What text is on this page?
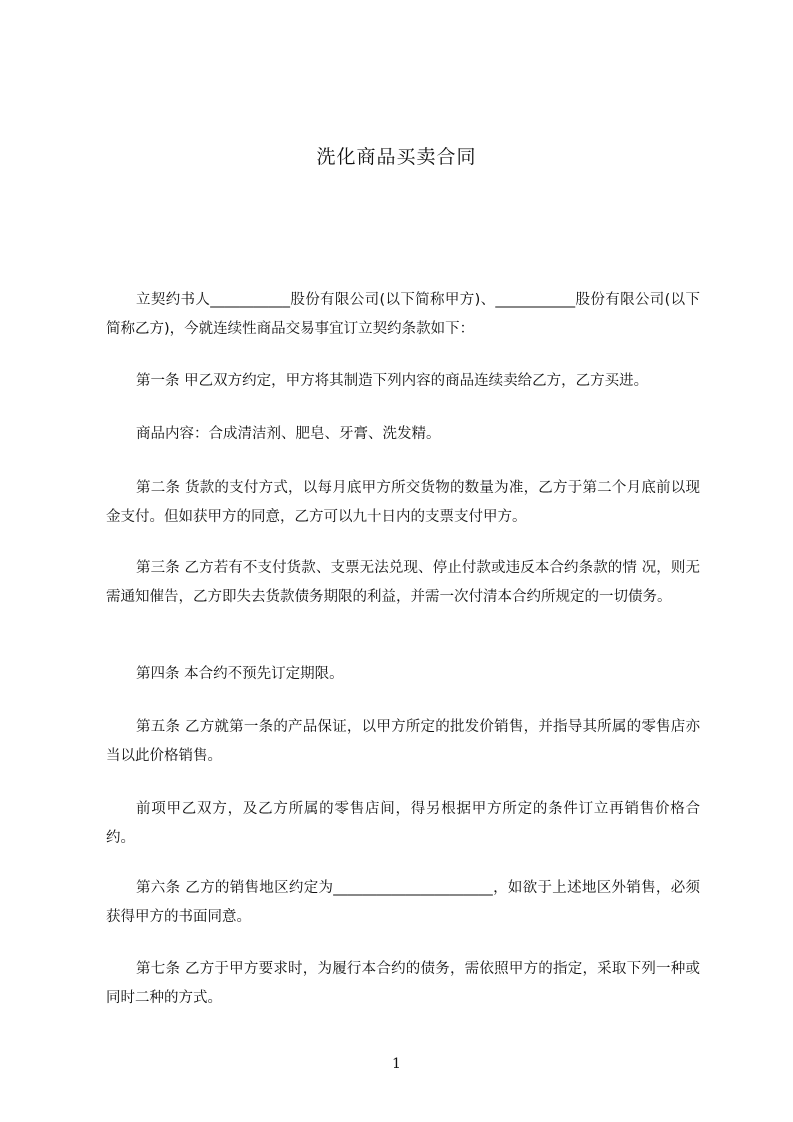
洗化商品买卖合同
立契约书人___________股份有限公司(以下简称甲方)、___________股份有限公司(以下简称乙方)，今就连续性商品交易事宜订立契约条款如下：
第一条 甲乙双方约定，甲方将其制造下列内容的商品连续卖给乙方，乙方买进。
商品内容：合成清洁剂、肥皂、牙膏、洗发精。
第二条 货款的支付方式，以每月底甲方所交货物的数量为准，乙方于第二个月底前以现金支付。但如获甲方的同意，乙方可以九十日内的支票支付甲方。
第三条 乙方若有不支付货款、支票无法兑现、停止付款或违反本合约条款的情 况，则无需通知催告，乙方即失去货款债务期限的利益，并需一次付清本合约所规定的一切债务。
第四条 本合约不预先订定期限。
第五条 乙方就第一条的产品保证，以甲方所定的批发价销售，并指导其所属的零售店亦当以此价格销售。
前项甲乙双方，及乙方所属的零售店间，得另根据甲方所定的条件订立再销售价格合约。
第六条 乙方的销售地区约定为______________________，如欲于上述地区外销售，必须获得甲方的书面同意。
第七条 乙方于甲方要求时，为履行本合约的债务，需依照甲方的指定，采取下列一种或同时二种的方式。
1
